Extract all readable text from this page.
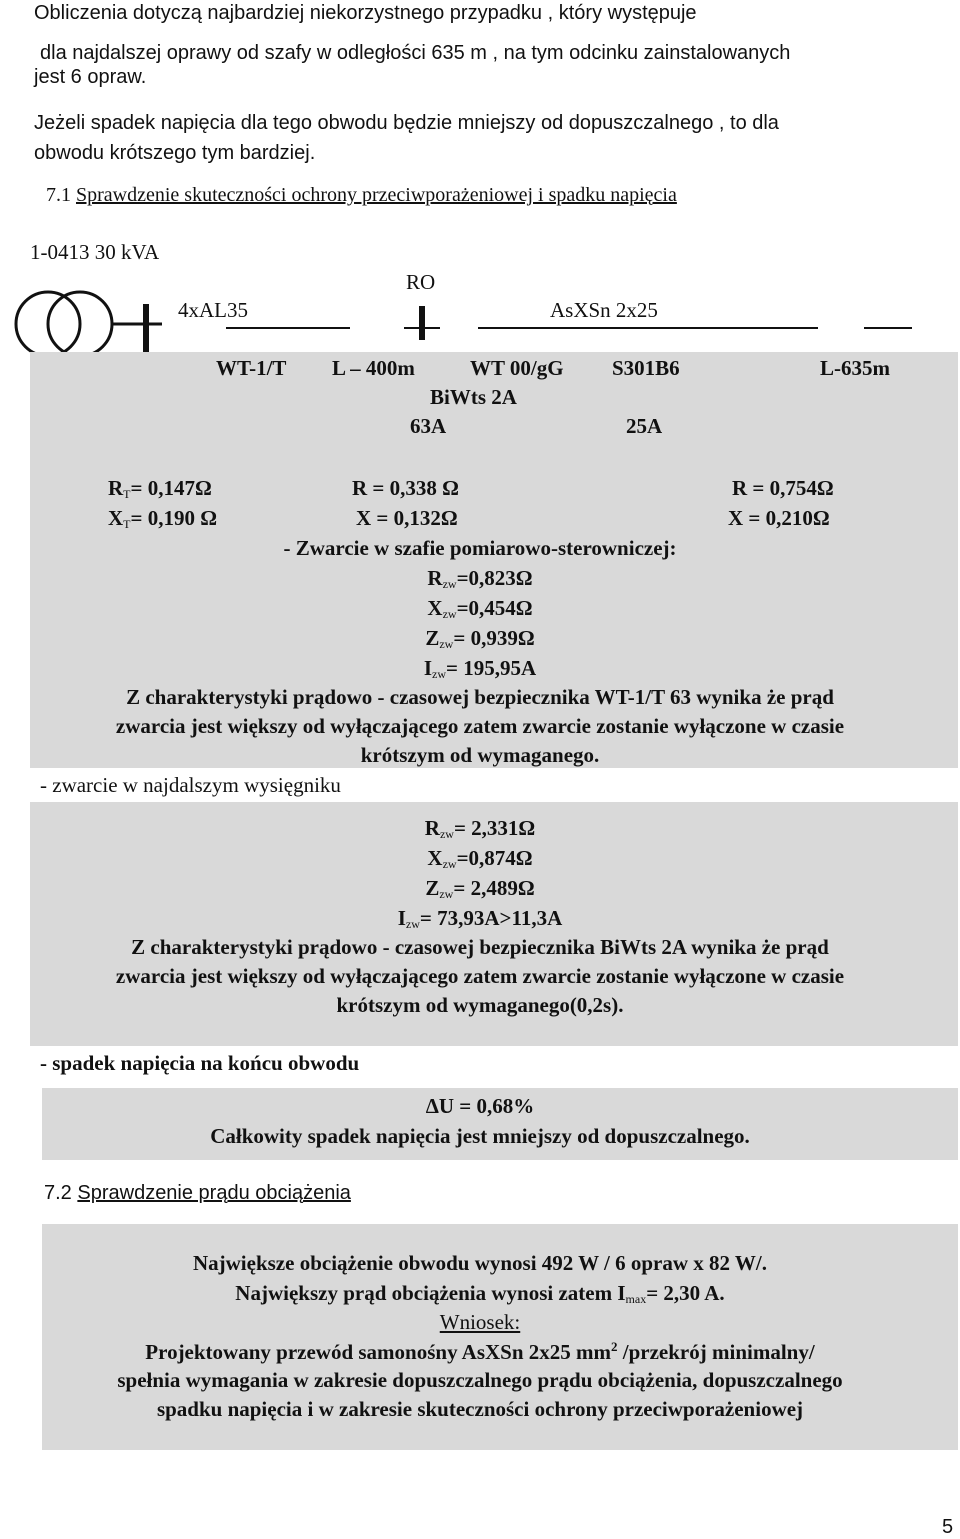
Obliczenia dotyczą najbardziej niekorzystnego przypadku , który występuje
dla najdalszej oprawy od szafy w odległości 635 m , na tym odcinku zainstalowanych
jest 6 opraw.
Jeżeli spadek napięcia dla tego obwodu będzie mniejszy od dopuszczalnego , to dla
obwodu krótszego tym bardziej.
7.1 Sprawdzenie skuteczności ochrony przeciwporażeniowej i spadku napięcia
1-0413 30 kVA
RO
4xAL35	AsXSn 2x25
WT-1/T L – 400m	WT 00/gG S301B6	L-635m
BiWts 2A
63A	25A
$R_T= 0,147\Omega$	R = 0,338 Ω	R = 0,754Ω
$X_T= 0,190$ Ω	X = 0,132Ω	X = 0,210Ω
- Zwarcie w szafie pomiarowo-sterowniczej:
$R_{zw}=0,823\Omega$
$X_{zw}=0,454\Omega$
$Z_{zw}= 0,939\Omega$
$I_{zw}= 195,95A$
Z charakterystyki prądowo - czasowej bezpiecznika WT-1/T 63 wynika że prąd
zwarcia jest większy od wyłączającego zatem zwarcie zostanie wyłączone w czasie
krótszym od wymaganego.
- zwarcie w najdalszym wysięgniku
$R_{zw}= 2,331\Omega$
$X_{zw}=0,874\Omega$
$Z_{zw}= 2,489\Omega$
$I_{zw}= 73,93A>11,3A$
Z charakterystyki prądowo - czasowej bezpiecznika BiWts 2A wynika że prąd
zwarcia jest większy od wyłączającego zatem zwarcie zostanie wyłączone w czasie
krótszym od wymaganego(0,2s).
- spadek napięcia na końcu obwodu
ΔU = 0,68%
Całkowity spadek napięcia jest mniejszy od dopuszczalnego.
7.2 Sprawdzenie prądu obciążenia
Największe obciążenie obwodu wynosi 492 W / 6 opraw x 82 W/.
Największy prąd obciążenia wynosi zatem $I_{max}= 2,30$ A.
Wniosek:
Projektowany przewód samonośny AsXSn 2x25 $mm^2$ /przekrój minimalny/
spełnia wymagania w zakresie dopuszczalnego prądu obciążenia, dopuszczalnego
spadku napięcia i w zakresie skuteczności ochrony przeciwporażeniowej
5
